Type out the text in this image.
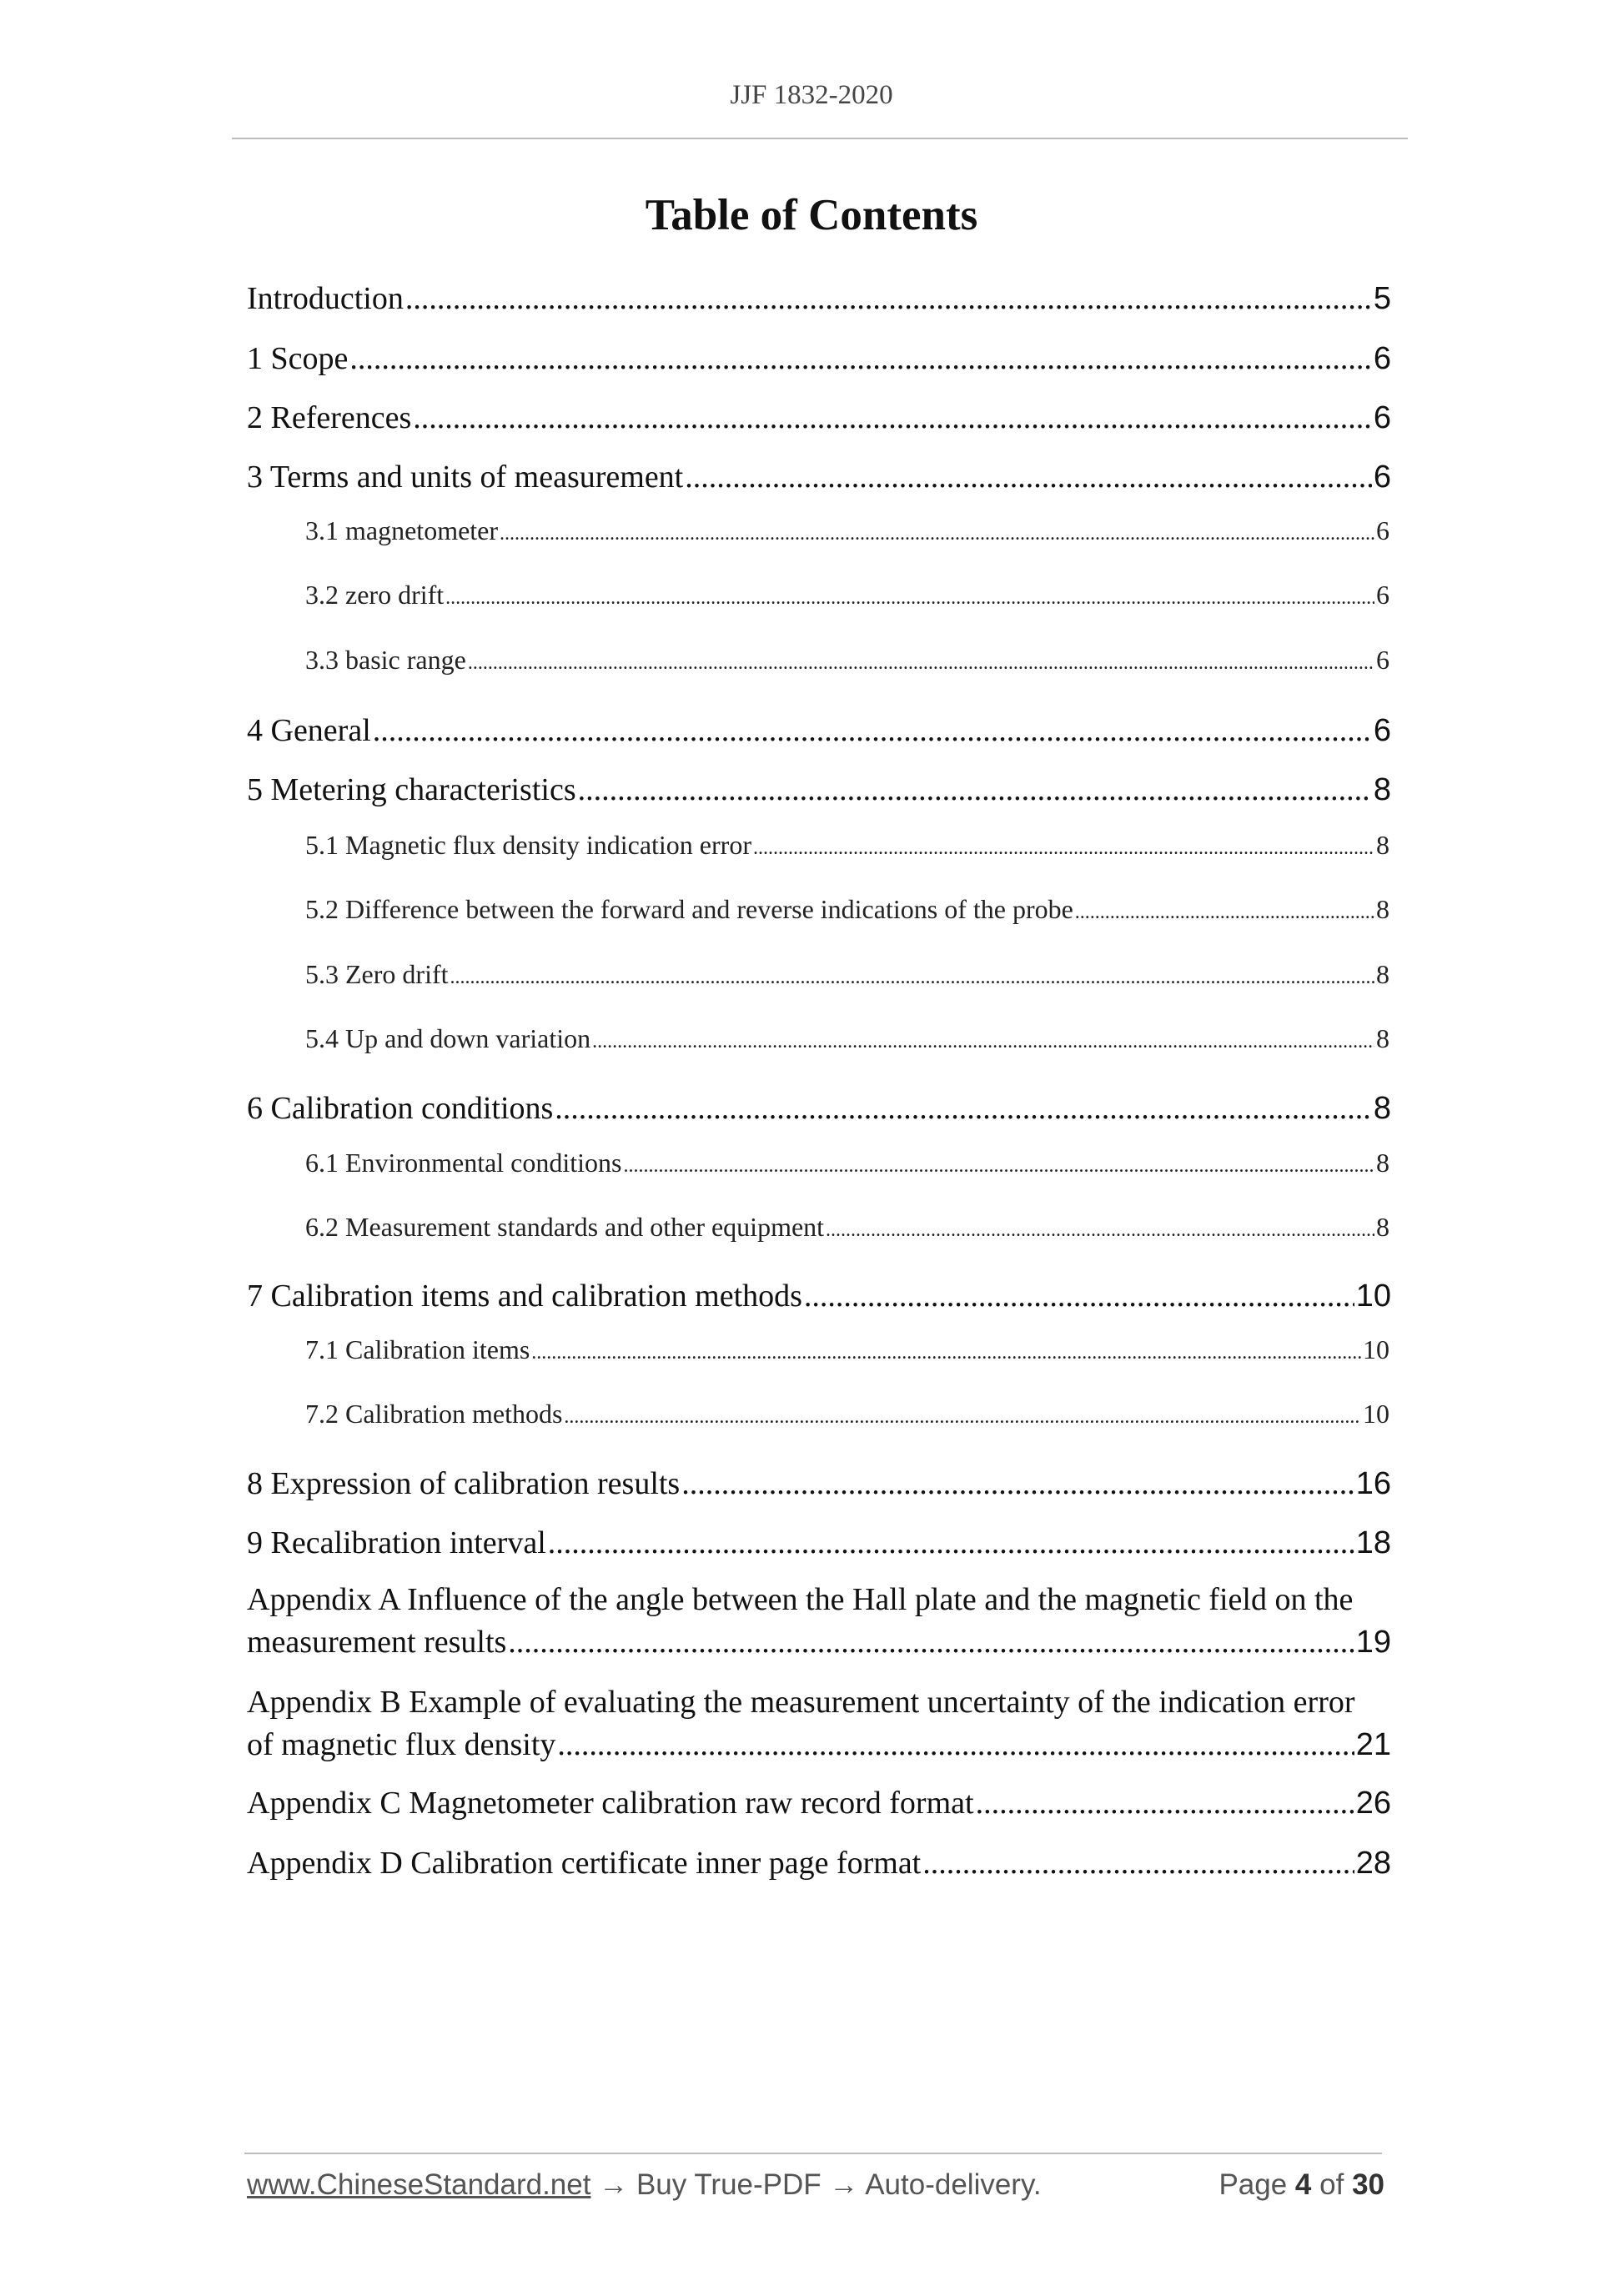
JJF 1832-2020
Table of Contents
Introduction .....	5
1 Scope .....	6
2 References .....	6
3 Terms and units of measurement .....	6
3.1 magnetometer .....	6
3.2 zero drift .....	6
3.3 basic range .....	6
4 General .....	6
5 Metering characteristics .....	8
5.1 Magnetic flux density indication error .....	8
5.2 Difference between the forward and reverse indications of the probe .....	8
5.3 Zero drift .....	8
5.4 Up and down variation .....	8
6 Calibration conditions .....	8
6.1 Environmental conditions .....	8
6.2 Measurement standards and other equipment .....	8
7 Calibration items and calibration methods .....	10
7.1 Calibration items .....	10
7.2 Calibration methods .....	10
8 Expression of calibration results .....	16
9 Recalibration interval .....	18
Appendix A Influence of the angle between the Hall plate and the magnetic field on the
measurement results .....	19
Appendix B Example of evaluating the measurement uncertainty of the indication error
of magnetic flux density .....	21
Appendix C Magnetometer calibration raw record format .....	26
Appendix D Calibration certificate inner page format .....	28
www.ChineseStandard.net → Buy True-PDF → Auto-delivery.	Page 4 of 30
